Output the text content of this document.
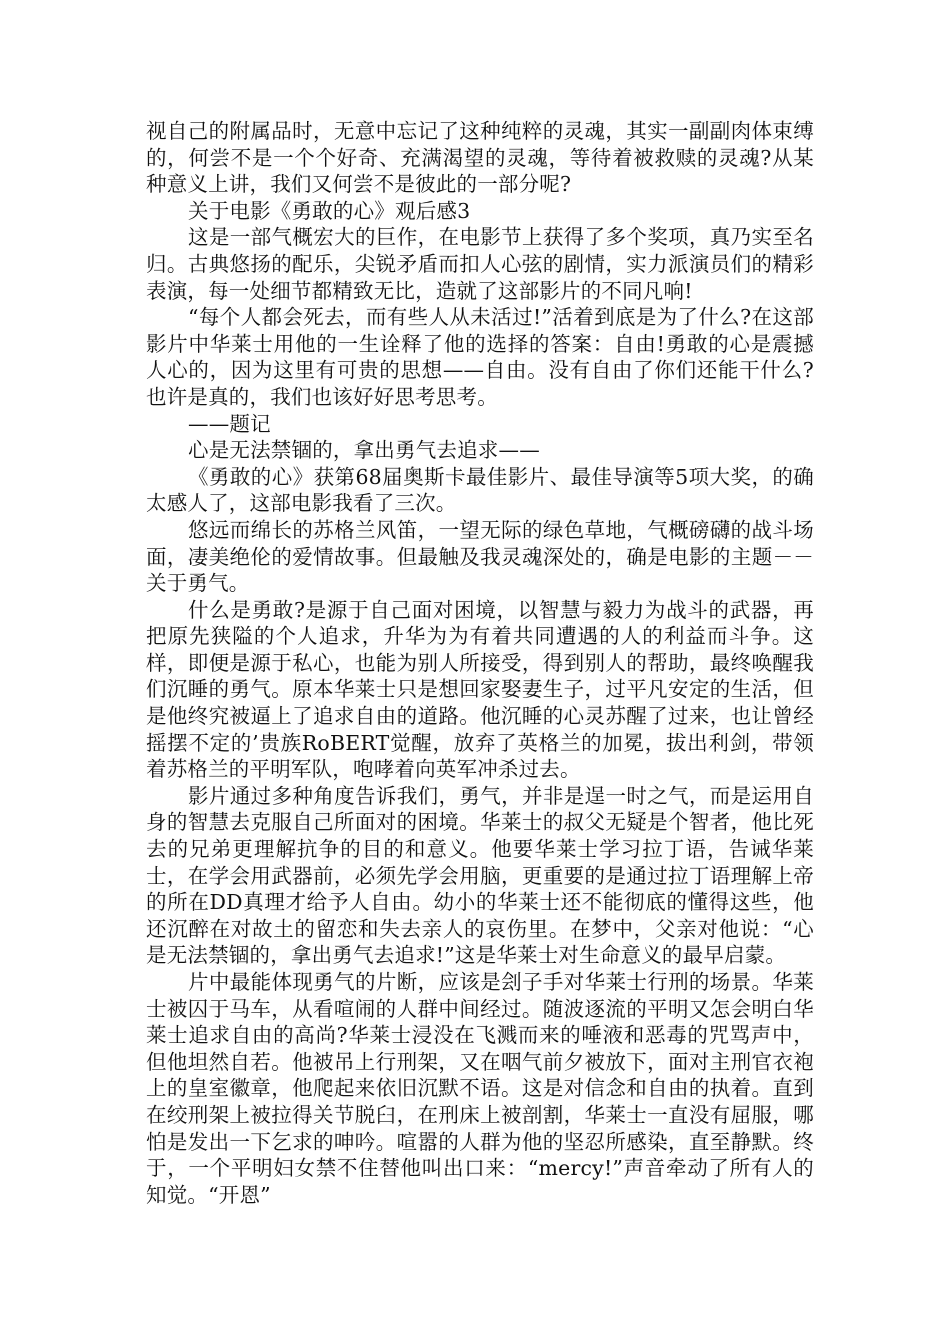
视自己的附属品时，无意中忘记了这种纯粹的灵魂，其实一副副肉体束缚的，何尝不是一个个好奇、充满渴望的灵魂，等待着被救赎的灵魂?从某种意义上讲，我们又何尝不是彼此的一部分呢?

关于电影《勇敢的心》观后感3

这是一部气概宏大的巨作，在电影节上获得了多个奖项，真乃实至名归。古典悠扬的配乐，尖锐矛盾而扣人心弦的剧情，实力派演员们的精彩表演，每一处细节都精致无比，造就了这部影片的不同凡响!

“每个人都会死去，而有些人从未活过!”活着到底是为了什么?在这部影片中华莱士用他的一生诠释了他的选择的答案：自由!勇敢的心是震撼人心的，因为这里有可贵的思想——自由。没有自由了你们还能干什么?也许是真的，我们也该好好思考思考。

——题记

心是无法禁锢的，拿出勇气去追求——

《勇敢的心》获第68届奥斯卡最佳影片、最佳导演等5项大奖，的确太感人了，这部电影我看了三次。

悠远而绵长的苏格兰风笛，一望无际的绿色草地，气概磅礴的战斗场面，凄美绝伦的爱情故事。但最触及我灵魂深处的，确是电影的主题－－关于勇气。

什么是勇敢?是源于自己面对困境，以智慧与毅力为战斗的武器，再把原先狭隘的个人追求，升华为为有着共同遭遇的人的利益而斗争。这样，即便是源于私心，也能为别人所接受，得到别人的帮助，最终唤醒我们沉睡的勇气。原本华莱士只是想回家娶妻生子，过平凡安定的生活，但是他终究被逼上了追求自由的道路。他沉睡的心灵苏醒了过来，也让曾经摇摆不定的’贵族RoBERT觉醒，放弃了英格兰的加冕，拔出利剑，带领着苏格兰的平明军队，咆哮着向英军冲杀过去。

影片通过多种角度告诉我们，勇气，并非是逞一时之气，而是运用自身的智慧去克服自己所面对的困境。华莱士的叔父无疑是个智者，他比死去的兄弟更理解抗争的目的和意义。他要华莱士学习拉丁语，告诫华莱士，在学会用武器前，必须先学会用脑，更重要的是通过拉丁语理解上帝的所在DD真理才给予人自由。幼小的华莱士还不能彻底的懂得这些，他还沉醉在对故土的留恋和失去亲人的哀伤里。在梦中，父亲对他说：“心是无法禁锢的，拿出勇气去追求!”这是华莱士对生命意义的最早启蒙。

片中最能体现勇气的片断，应该是刽子手对华莱士行刑的场景。华莱士被囚于马车，从看喧闹的人群中间经过。随波逐流的平明又怎会明白华莱士追求自由的高尚?华莱士浸没在飞溅而来的唾液和恶毒的咒骂声中，但他坦然自若。他被吊上行刑架，又在咽气前夕被放下，面对主刑官衣袍上的皇室徽章，他爬起来依旧沉默不语。这是对信念和自由的执着。直到在绞刑架上被拉得关节脱臼，在刑床上被剖割，华莱士一直没有屈服，哪怕是发出一下乞求的呻吟。喧嚣的人群为他的坚忍所感染，直至静默。终于，一个平明妇女禁不住替他叫出口来：“mercy!”声音牵动了所有人的知觉。“开恩”
